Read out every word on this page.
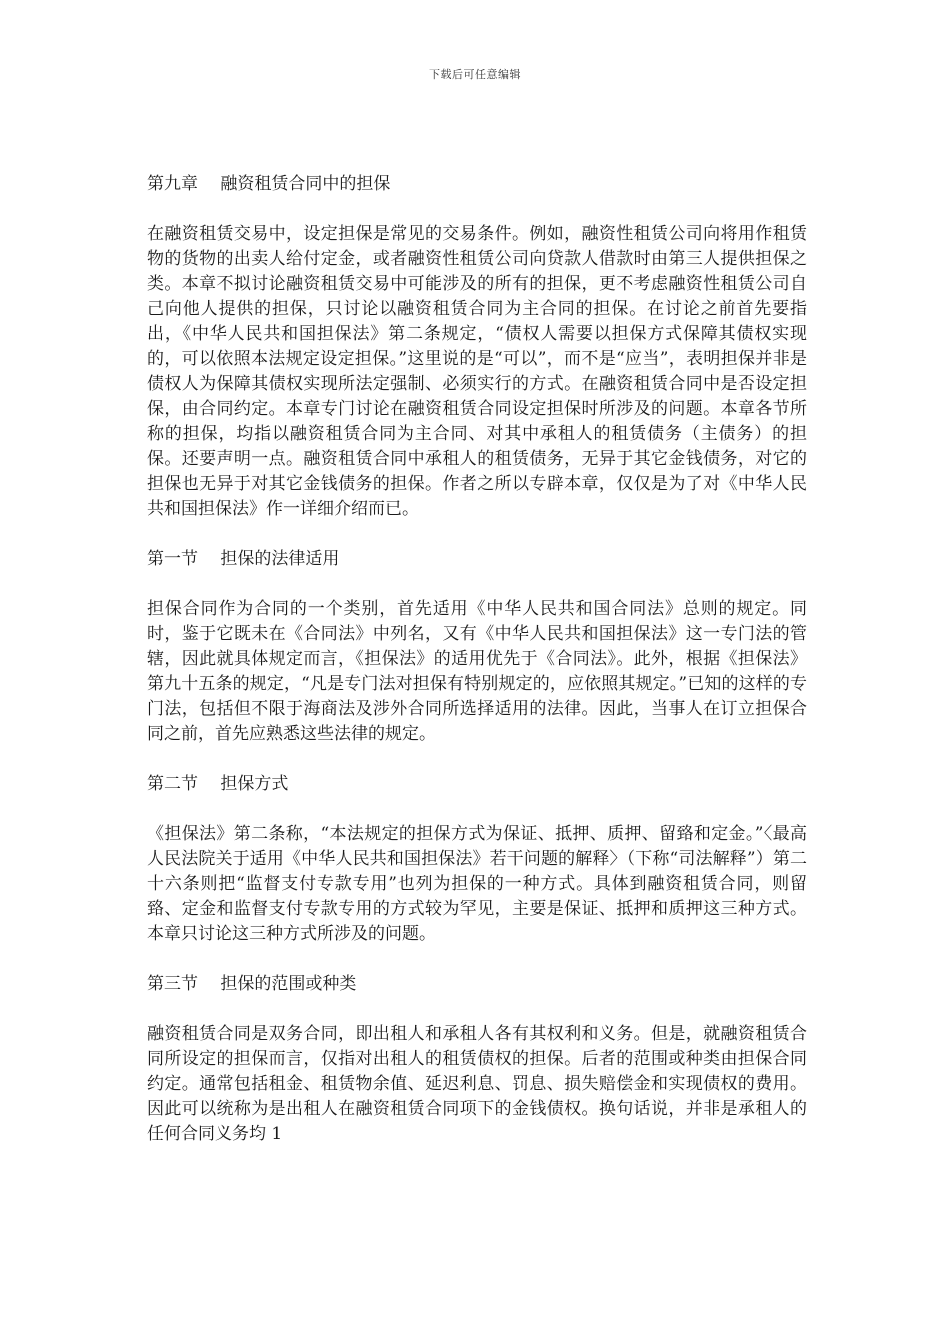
下载后可任意编辑
第九章　 融资租赁合同中的担保

在融资租赁交易中，设定担保是常见的交易条件。例如，融资性租赁公司向将用作租赁物的货物的出卖人给付定金，或者融资性租赁公司向贷款人借款时由第三人提供担保之类。本章不拟讨论融资租赁交易中可能涉及的所有的担保，更不考虑融资性租赁公司自己向他人提供的担保，只讨论以融资租赁合同为主合同的担保。在讨论之前首先要指出，《中华人民共和国担保法》第二条规定，“债权人需要以担保方式保障其债权实现的，可以依照本法规定设定担保。”这里说的是“可以”，而不是“应当”，表明担保并非是债权人为保障其债权实现所法定强制、必须实行的方式。在融资租赁合同中是否设定担保，由合同约定。本章专门讨论在融资租赁合同设定担保时所涉及的问题。本章各节所称的担保，均指以融资租赁合同为主合同、对其中承租人的租赁债务（主债务）的担保。还要声明一点。融资租赁合同中承租人的租赁债务，无异于其它金钱债务，对它的担保也无异于对其它金钱债务的担保。作者之所以专辟本章，仅仅是为了对《中华人民共和国担保法》作一详细介绍而已。

第一节　 担保的法律适用

担保合同作为合同的一个类别，首先适用《中华人民共和国合同法》总则的规定。同时，鉴于它既未在《合同法》中列名，又有《中华人民共和国担保法》这一专门法的管辖，因此就具体规定而言，《担保法》的适用优先于《合同法》。此外，根据《担保法》第九十五条的规定，“凡是专门法对担保有特别规定的，应依照其规定。”已知的这样的专门法，包括但不限于海商法及涉外合同所选择适用的法律。因此，当事人在订立担保合同之前，首先应熟悉这些法律的规定。

第二节　 担保方式

《担保法》第二条称，“本法规定的担保方式为保证、抵押、质押、留臵和定金。”〈最高人民法院关于适用《中华人民共和国担保法》若干问题的解释〉（下称“司法解释”）第二十六条则把“监督支付专款专用”也列为担保的一种方式。具体到融资租赁合同，则留臵、定金和监督支付专款专用的方式较为罕见，主要是保证、抵押和质押这三种方式。本章只讨论这三种方式所涉及的问题。

第三节　 担保的范围或种类

融资租赁合同是双务合同，即出租人和承租人各有其权利和义务。但是，就融资租赁合同所设定的担保而言，仅指对出租人的租赁债权的担保。后者的范围或种类由担保合同约定。通常包括租金、租赁物余值、延迟利息、罚息、损失赔偿金和实现债权的费用。因此可以统称为是出租人在融资租赁合同项下的金钱债权。换句话说，并非是承租人的任何合同义务均 1
